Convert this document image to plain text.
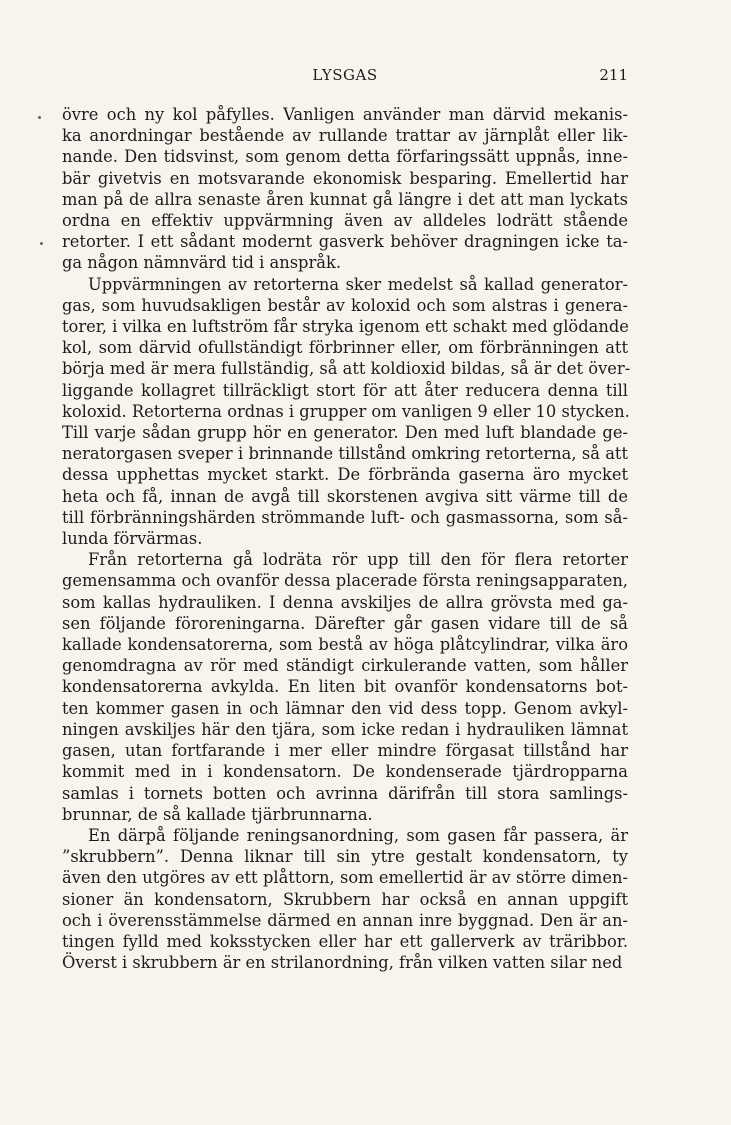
LYSGAS	211

övre och ny kol påfylles. Vanligen använder man därvid mekanis-
ka anordningar bestående av rullande trattar av järnplåt eller lik-
nande. Den tidsvinst, som genom detta förfaringssätt uppnås, inne-
bär givetvis en motsvarande ekonomisk besparing. Emellertid har
man på de allra senaste åren kunnat gå längre i det att man lyckats
ordna en effektiv uppvärmning även av alldeles lodrätt stående
retorter. I ett sådant modernt gasverk behöver dragningen icke ta-
ga någon nämnvärd tid i anspråk.

Uppvärmningen av retorterna sker medelst så kallad generator-
gas, som huvudsakligen består av koloxid och som alstras i genera-
torer, i vilka en luftström får stryka igenom ett schakt med glödande
kol, som därvid ofullständigt förbrinner eller, om förbränningen att
börja med är mera fullständig, så att koldioxid bildas, så är det över-
liggande kollagret tillräckligt stort för att åter reducera denna till
koloxid. Retorterna ordnas i grupper om vanligen 9 eller 10 stycken.
Till varje sådan grupp hör en generator. Den med luft blandade ge-
neratorgasen sveper i brinnande tillstånd omkring retorterna, så att
dessa upphettas mycket starkt. De förbrända gaserna äro mycket
heta och få, innan de avgå till skorstenen avgiva sitt värme till de
till förbränningshärden strömmande luft- och gasmassorna, som så-
lunda förvärmas.

Från retorterna gå lodräta rör upp till den för flera retorter
gemensamma och ovanför dessa placerade första reningsapparaten,
som kallas hydrauliken. I denna avskiljes de allra grövsta med ga-
sen följande föroreningarna. Därefter går gasen vidare till de så
kallade kondensatorerna, som bestå av höga plåtcylindrar, vilka äro
genomdragna av rör med ständigt cirkulerande vatten, som håller
kondensatorerna avkylda. En liten bit ovanför kondensatorns bot-
ten kommer gasen in och lämnar den vid dess topp. Genom avkyl-
ningen avskiljes här den tjära, som icke redan i hydrauliken lämnat
gasen, utan fortfarande i mer eller mindre förgasat tillstånd har
kommit med in i kondensatorn. De kondenserade tjärdropparna
samlas i tornets botten och avrinna därifrån till stora samlings-
brunnar, de så kallade tjärbrunnarna.

En därpå följande reningsanordning, som gasen får passera, är
”skrubbern”. Denna liknar till sin ytre gestalt kondensatorn, ty
även den utgöres av ett plåttorn, som emellertid är av större dimen-
sioner än kondensatorn, Skrubbern har också en annan uppgift
och i överensstämmelse därmed en annan inre byggnad. Den är an-
tingen fylld med koksstycken eller har ett gallerverk av träribbor.
Överst i skrubbern är en strilanordning, från vilken vatten silar ned
